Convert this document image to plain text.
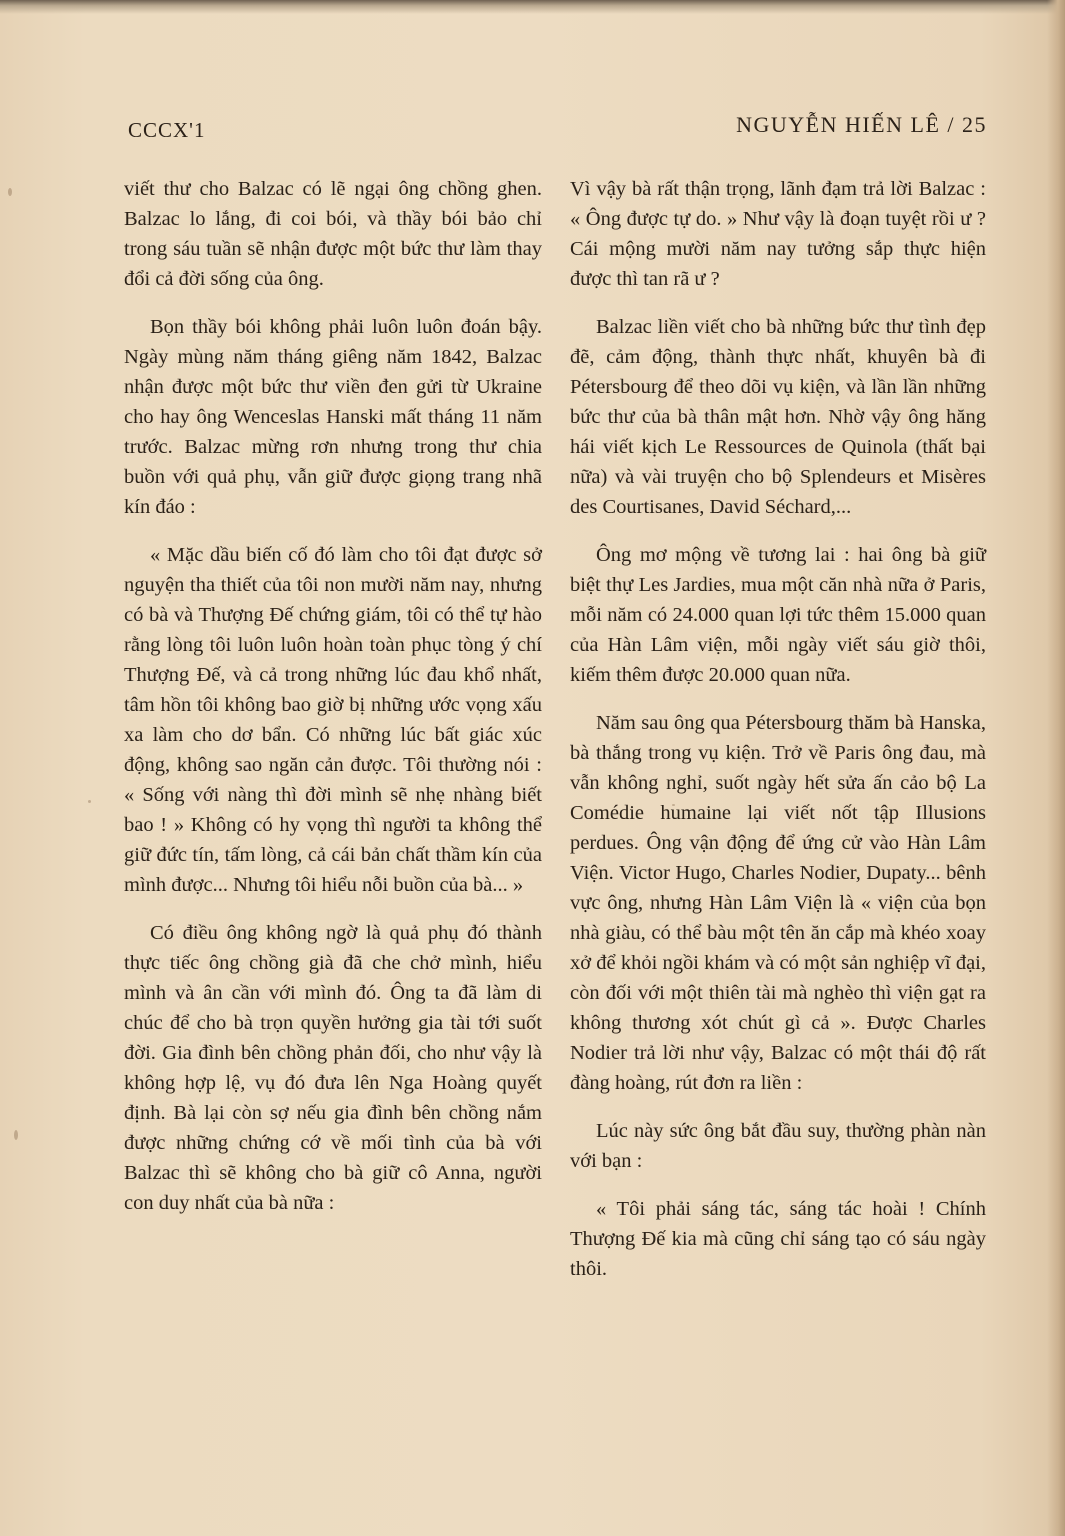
CCCX'1	NGUYỄN HIẾN LÊ / 25

viết thư cho Balzac có lẽ ngại ông chồng ghen. Balzac lo lắng, đi coi bói, và thầy bói bảo chỉ trong sáu tuần sẽ nhận được một bức thư làm thay đổi cả đời sống của ông.

Bọn thầy bói không phải luôn luôn đoán bậy. Ngày mùng năm tháng giêng năm 1842, Balzac nhận được một bức thư viền đen gửi từ Ukraine cho hay ông Wenceslas Hanski mất tháng 11 năm trước. Balzac mừng rơn nhưng trong thư chia buồn với quả phụ, vẫn giữ được giọng trang nhã kín đáo :

« Mặc dầu biến cố đó làm cho tôi đạt được sở nguyện tha thiết của tôi non mười năm nay, nhưng có bà và Thượng Đế chứng giám, tôi có thể tự hào rằng lòng tôi luôn luôn hoàn toàn phục tòng ý chí Thượng Đế, và cả trong những lúc đau khổ nhất, tâm hồn tôi không bao giờ bị những ước vọng xấu xa làm cho dơ bẩn. Có những lúc bất giác xúc động, không sao ngăn cản được. Tôi thường nói : « Sống với nàng thì đời mình sẽ nhẹ nhàng biết bao ! » Không có hy vọng thì người ta không thể giữ đức tín, tấm lòng, cả cái bản chất thầm kín của mình được... Nhưng tôi hiểu nỗi buồn của bà... »

Có điều ông không ngờ là quả phụ đó thành thực tiếc ông chồng già đã che chở mình, hiểu mình và ân cần với mình đó. Ông ta đã làm di chúc để cho bà trọn quyền hưởng gia tài tới suốt đời. Gia đình bên chồng phản đối, cho như vậy là không hợp lệ, vụ đó đưa lên Nga Hoàng quyết định. Bà lại còn sợ nếu gia đình bên chồng nắm được những chứng cớ về mối tình của bà với Balzac thì sẽ không cho bà giữ cô Anna, người con duy nhất của bà nữa :

Vì vậy bà rất thận trọng, lãnh đạm trả lời Balzac : « Ông được tự do. » Như vậy là đoạn tuyệt rồi ư ? Cái mộng mười năm nay tưởng sắp thực hiện được thì tan rã ư ?

Balzac liền viết cho bà những bức thư tình đẹp đẽ, cảm động, thành thực nhất, khuyên bà đi Pétersbourg để theo dõi vụ kiện, và lần lần những bức thư của bà thân mật hơn. Nhờ vậy ông hăng hái viết kịch Le Ressources de Quinola (thất bại nữa) và vài truyện cho bộ Splendeurs et Misères des Courtisanes, David Séchard,...

Ông mơ mộng về tương lai : hai ông bà giữ biệt thự Les Jardies, mua một căn nhà nữa ở Paris, mỗi năm có 24.000 quan lợi tức thêm 15.000 quan của Hàn Lâm viện, mỗi ngày viết sáu giờ thôi, kiếm thêm được 20.000 quan nữa.

Năm sau ông qua Pétersbourg thăm bà Hanska, bà thắng trong vụ kiện. Trở về Paris ông đau, mà vẫn không nghỉ, suốt ngày hết sửa ấn cảo bộ La Comédie humaine lại viết nốt tập Illusions perdues. Ông vận động để ứng cử vào Hàn Lâm Viện. Victor Hugo, Charles Nodier, Dupaty... bênh vực ông, nhưng Hàn Lâm Viện là « viện của bọn nhà giàu, có thể bàu một tên ăn cắp mà khéo xoay xở để khỏi ngồi khám và có một sản nghiệp vĩ đại, còn đối với một thiên tài mà nghèo thì viện gạt ra không thương xót chút gì cả ». Được Charles Nodier trả lời như vậy, Balzac có một thái độ rất đàng hoàng, rút đơn ra liền :

Lúc này sức ông bắt đầu suy, thường phàn nàn với bạn :

« Tôi phải sáng tác, sáng tác hoài ! Chính Thượng Đế kia mà cũng chỉ sáng tạo có sáu ngày thôi.
